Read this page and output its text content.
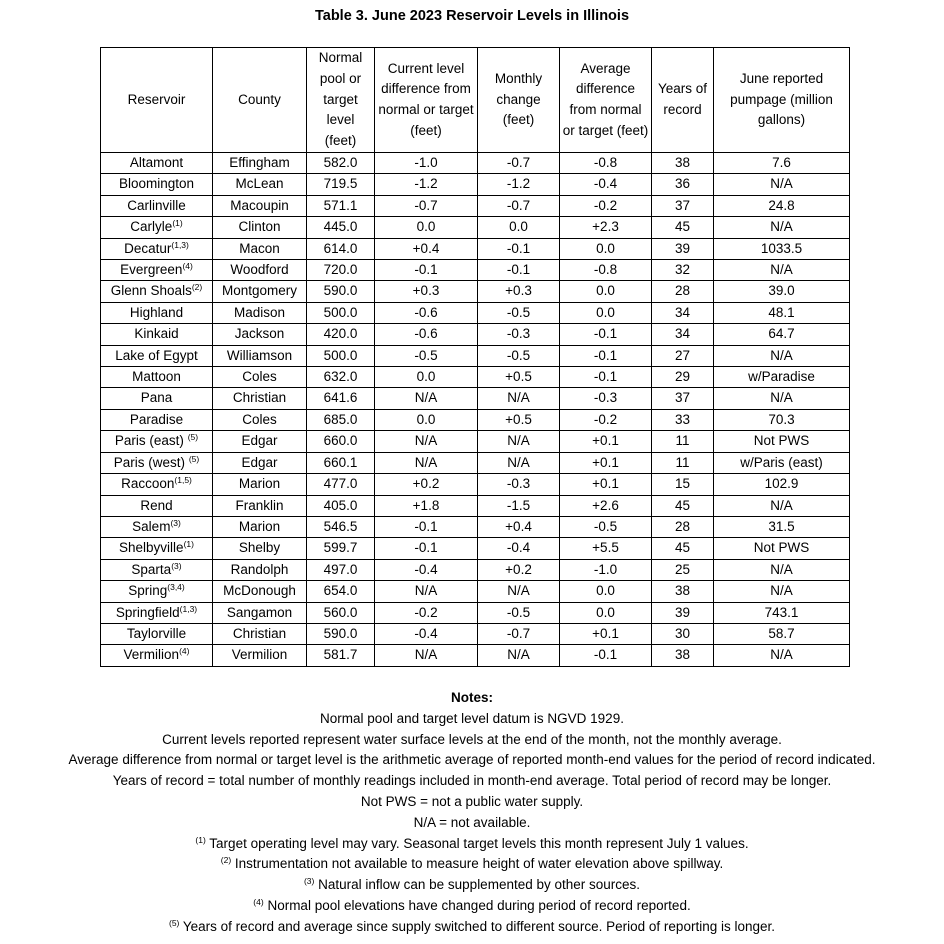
Table 3. June 2023 Reservoir Levels in Illinois
Reservoir	County	Normal pool or target level (feet)	Current level difference from normal or target (feet)	Monthly change (feet)	Average difference from normal or target (feet)	Years of record	June reported pumpage (million gallons)
Altamont	Effingham	582.0	-1.0	-0.7	-0.8	38	7.6
Bloomington	McLean	719.5	-1.2	-1.2	-0.4	36	N/A
Carlinville	Macoupin	571.1	-0.7	-0.7	-0.2	37	24.8
Carlyle$^{(1)}$	Clinton	445.0	0.0	0.0	+2.3	45	N/A
Decatur$^{(1,3)}$	Macon	614.0	+0.4	-0.1	0.0	39	1033.5
Evergreen$^{(4)}$	Woodford	720.0	-0.1	-0.1	-0.8	32	N/A
Glenn Shoals$^{(2)}$	Montgomery	590.0	+0.3	+0.3	0.0	28	39.0
Highland	Madison	500.0	-0.6	-0.5	0.0	34	48.1
Kinkaid	Jackson	420.0	-0.6	-0.3	-0.1	34	64.7
Lake of Egypt	Williamson	500.0	-0.5	-0.5	-0.1	27	N/A
Mattoon	Coles	632.0	0.0	+0.5	-0.1	29	w/Paradise
Pana	Christian	641.6	N/A	N/A	-0.3	37	N/A
Paradise	Coles	685.0	0.0	+0.5	-0.2	33	70.3
Paris (east) $^{(5)}$	Edgar	660.0	N/A	N/A	+0.1	11	Not PWS
Paris (west) $^{(5)}$	Edgar	660.1	N/A	N/A	+0.1	11	w/Paris (east)
Raccoon$^{(1,5)}$	Marion	477.0	+0.2	-0.3	+0.1	15	102.9
Rend	Franklin	405.0	+1.8	-1.5	+2.6	45	N/A
Salem$^{(3)}$	Marion	546.5	-0.1	+0.4	-0.5	28	31.5
Shelbyville$^{(1)}$	Shelby	599.7	-0.1	-0.4	+5.5	45	Not PWS
Sparta$^{(3)}$	Randolph	497.0	-0.4	+0.2	-1.0	25	N/A
Spring$^{(3,4)}$	McDonough	654.0	N/A	N/A	0.0	38	N/A
Springfield$^{(1,3)}$	Sangamon	560.0	-0.2	-0.5	0.0	39	743.1
Taylorville	Christian	590.0	-0.4	-0.7	+0.1	30	58.7
Vermilion$^{(4)}$	Vermilion	581.7	N/A	N/A	-0.1	38	N/A
Notes:
Normal pool and target level datum is NGVD 1929.
Current levels reported represent water surface levels at the end of the month, not the monthly average.
Average difference from normal or target level is the arithmetic average of reported month-end values for the period of record indicated.
Years of record = total number of monthly readings included in month-end average. Total period of record may be longer.
Not PWS = not a public water supply.
N/A = not available.
$^{(1)}$ Target operating level may vary. Seasonal target levels this month represent July 1 values.
$^{(2)}$ Instrumentation not available to measure height of water elevation above spillway.
$^{(3)}$ Natural inflow can be supplemented by other sources.
$^{(4)}$ Normal pool elevations have changed during period of record reported.
$^{(5)}$ Years of record and average since supply switched to different source. Period of reporting is longer.
